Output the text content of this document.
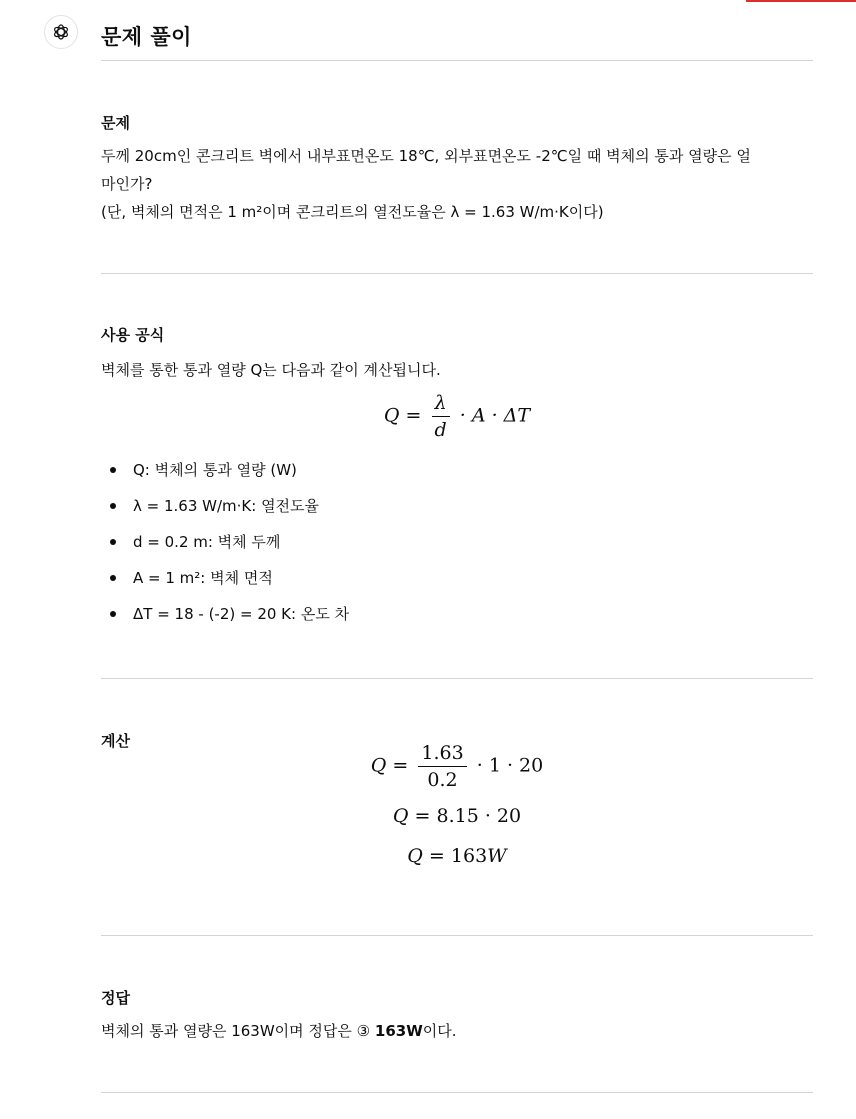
문제 풀이
문제

두께 20cm인 콘크리트 벽에서 내부표면온도 18℃, 외부표면온도 -2℃일 때 벽체의 통과 열량은 얼

마인가?

(단, 벽체의 면적은 1 m²이며 콘크리트의 열전도율은 λ = 1.63 W/m·K이다)

사용 공식

벽체를 통한 통과 열량 Q는 다음과 같이 계산됩니다.

$Q = \frac{\lambda}{d} \cdot A \cdot \Delta T$
Q: 벽체의 통과 열량 (W)
λ = 1.63 W/m·K: 열전도율
d = 0.2 m: 벽체 두께
A = 1 m²: 벽체 면적
ΔT = 18 - (-2) = 20 K: 온도 차
계산
$Q = \frac{1.63}{0.2} \cdot 1 \cdot 20$
Q = 8.15 · 20
Q = 163W
정답

벽체의 통과 열량은 163W이며 정답은 ③ 163W이다.
